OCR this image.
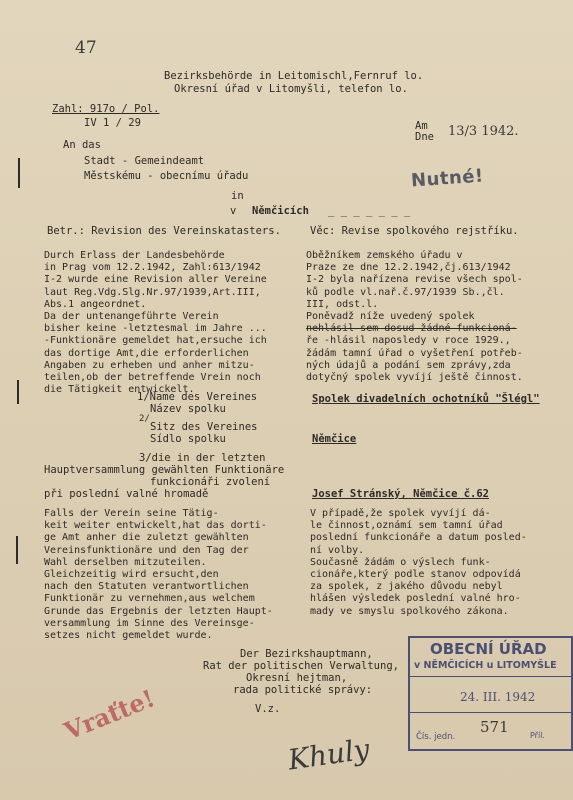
47
Bezirksbehörde in Leitomischl,Fernruf lo.
Okresní úřad v Litomyšli, telefon lo.
Zahl: 917o / Pol.
IV 1 / 29	Am
Dne 13/3 1942.
An das
Stadt - Gemeindeamt
Městskému - obecnímu úřadu
in
v Němčicích _ _ _ _ _ _ _
Nutné!
Betr.: Revision des Vereinskatasters.	Věc: Revise spolkového rejstříku.
Durch Erlass der Landesbehörde
in Prag vom 12.2.1942, Zahl:613/1942
I-2 wurde eine Revision aller Vereine
laut Reg.Vdg.Slg.Nr.97/1939,Art.III,
Abs.1 angeordnet.
Da der untenangeführte Verein
bisher keine -letztesmal im Jahre ...
-Funktionäre gemeldet hat,ersuche ich
das dortige Amt,die erforderlichen
Angaben zu erheben und anher mitzu-
teilen,ob der betreffende Vrein noch
die Tätigkeit entwickelt.
Oběžníkem zemského úřadu v
Praze ze dne 12.2.1942,čj.613/1942
I-2 byla nařízena revise všech spol-
ků podle vl.nař.č.97/1939 Sb.,čl.
III, odst.l.
Poněvadž níže uvedený spolek
nehlásil sem dosud žádné funkcioná-
ře -hlásil naposledy v roce 1929.,
žádám tamní úřad o vyšetření potřeb-
ných údajů a podání sem zprávy,zda
dotyčný spolek vyvíjí ještě činnost.
1/Name des Vereines
Název spolku
Spolek divadelních ochotníků "Šlégl"
2/
Sitz des Vereines
Sídlo spolku	Němčice
3/die in der letzten
Hauptversammlung gewählten Funktionäre
funkcionáři zvolení
při poslední valné hromadě	Josef Stránský, Němčice č.62
Falls der Verein seine Tätig-
keit weiter entwickelt,hat das dorti-
ge Amt anher die zuletzt gewählten
Vereinsfunktionäre und den Tag der
Wahl derselben mitzuteilen.
Gleichzeitig wird ersucht,den
nach den Statuten verantwortlichen
Funktionär zu vernehmen,aus welchem
Grunde das Ergebnis der letzten Haupt-
versammlung im Sinne des Vereinsge-
setzes nicht gemeldet wurde.
V případě,že spolek vyvíjí dá-
le činnost,oznámí sem tamní úřad
poslední funkcionáře a datum posled-
ní volby.
Současně žádám o výslech funk-
cionáře,který podle stanov odpovídá
za spolek, z jakého důvodu nebyl
hlášen výsledek poslední valné hro-
mady ve smyslu spolkového zákona.
Der Bezirkshauptmann,
Rat der politischen Verwaltung,
Okresní hejtman,
rada politické správy:
V.z.
Khuly
Vraťte!
OBECNÍ ÚŘAD
v NĚMČICÍCH u LITOMYŠLE
24. III. 1942
571
Čís. jedn.	Příl.
